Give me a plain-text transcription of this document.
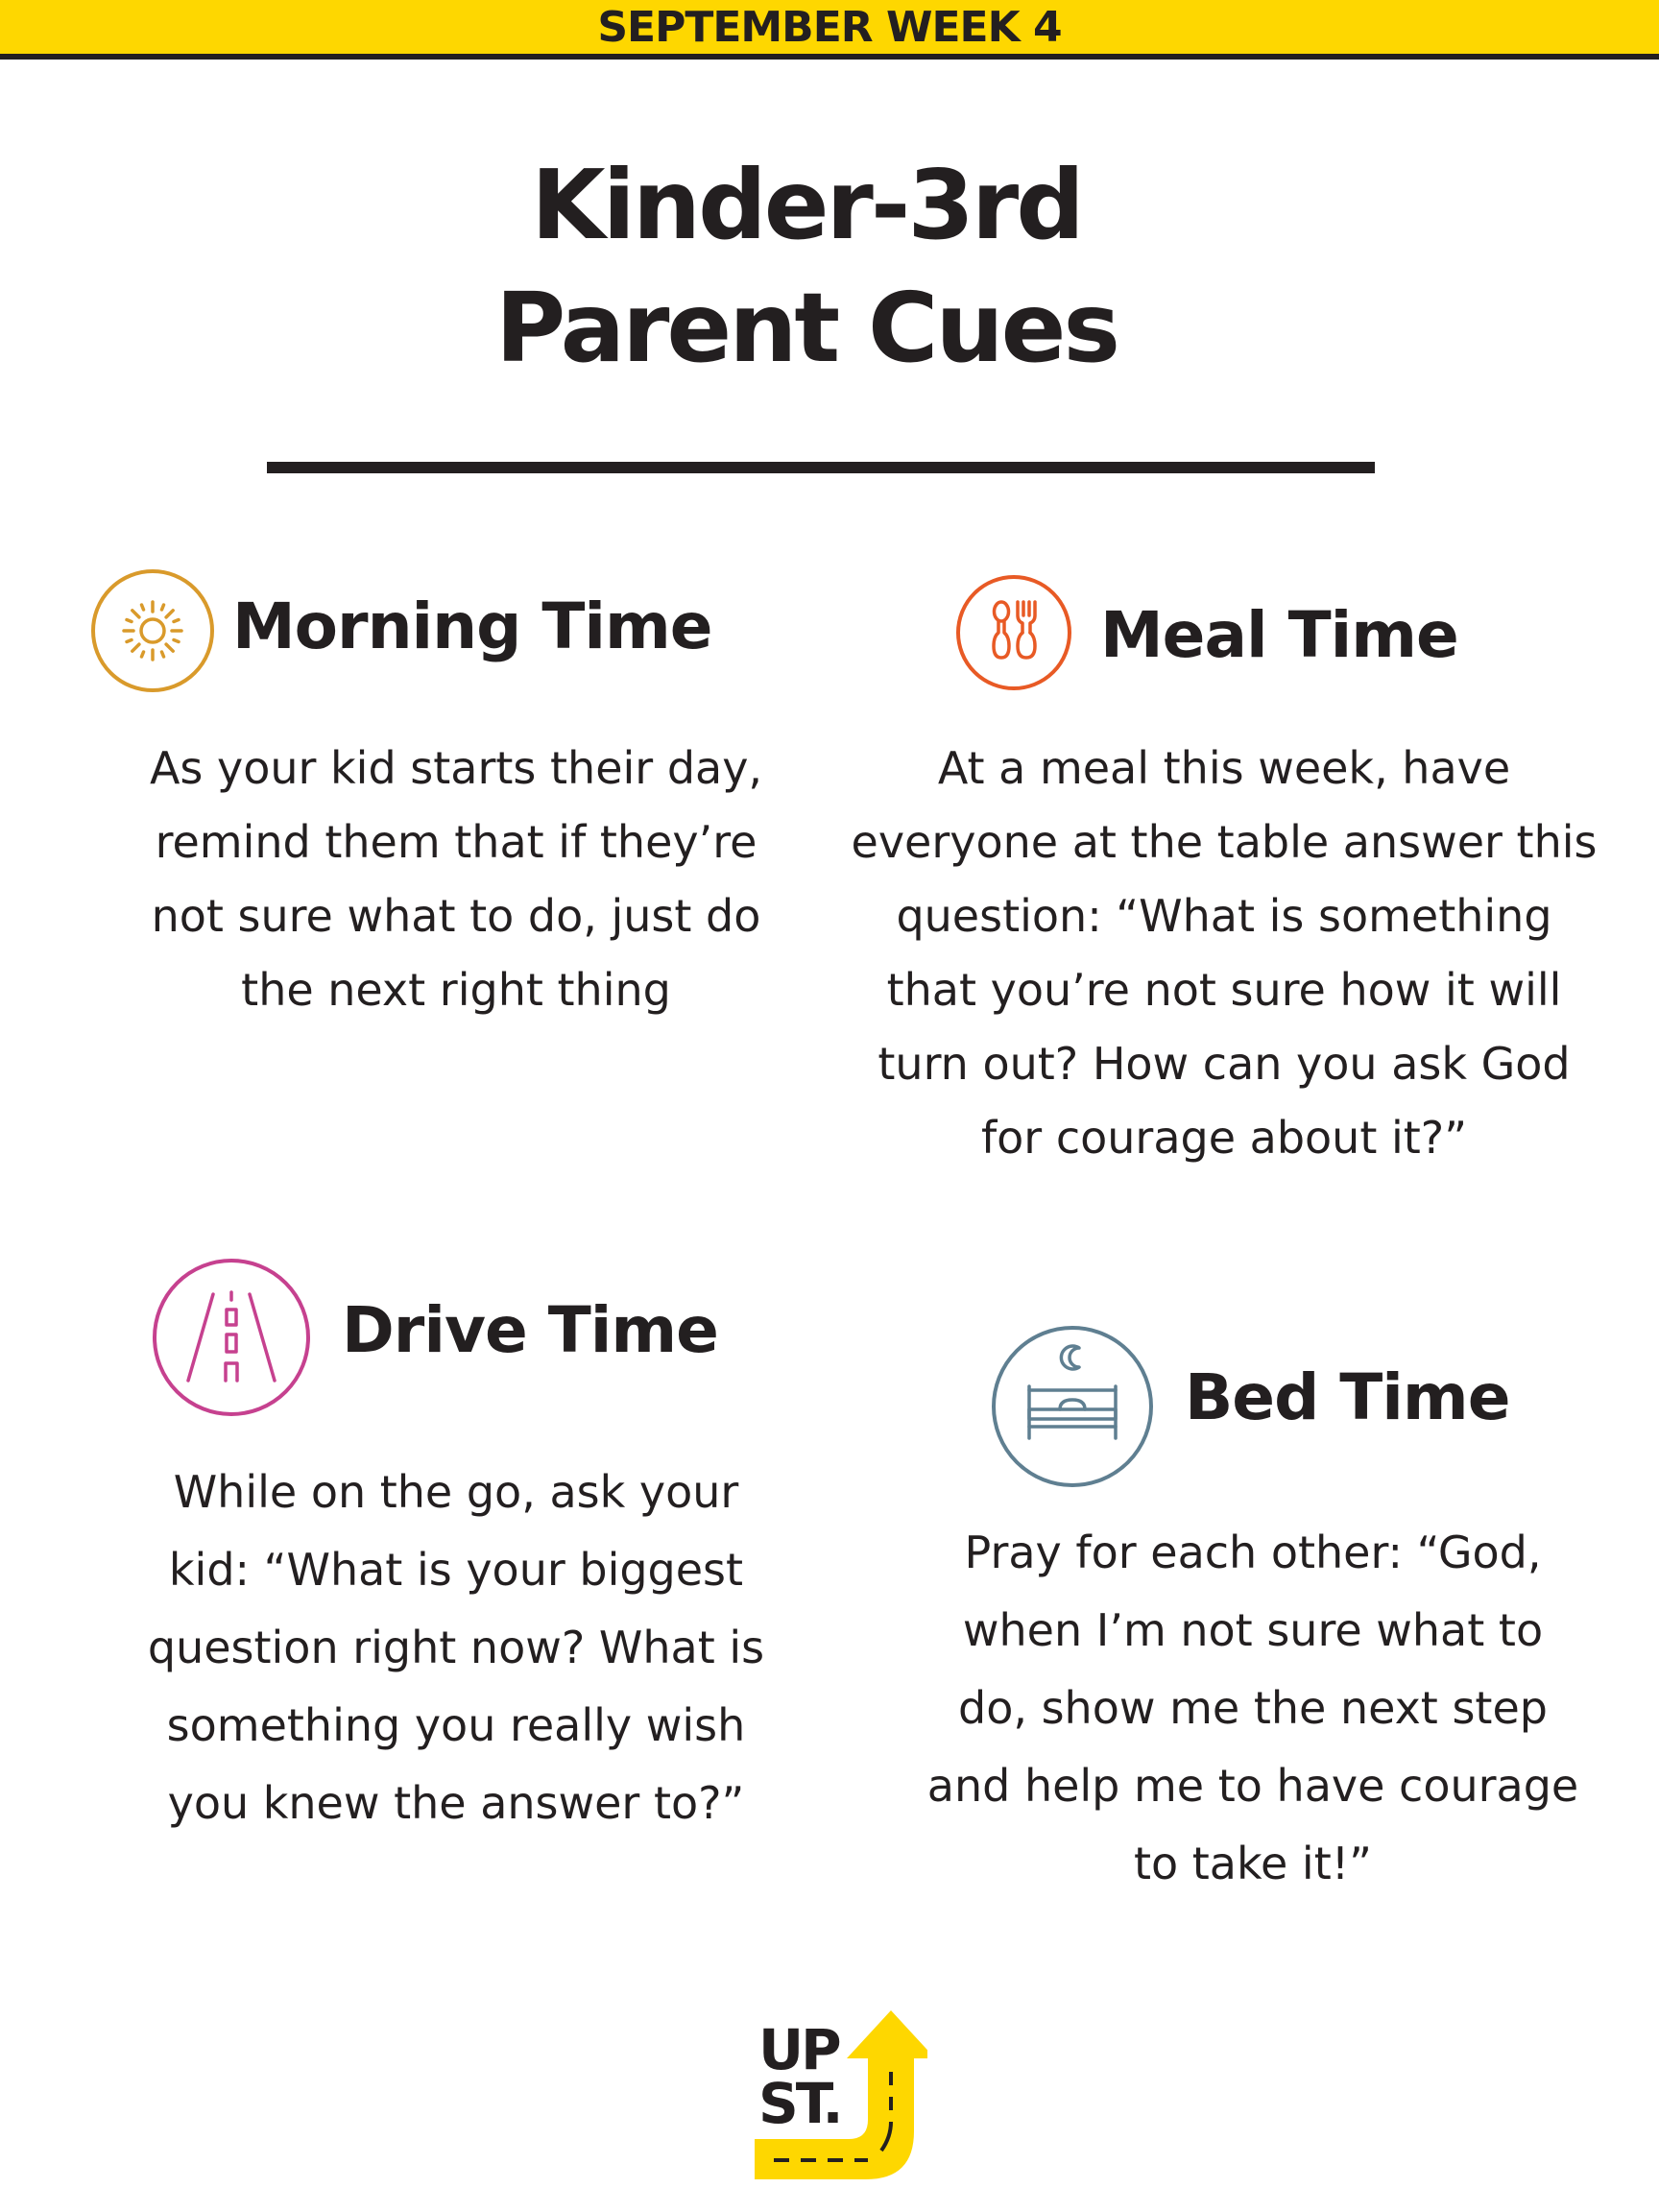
SEPTEMBER WEEK 4
Kinder-3rd
Parent Cues
Morning Time
As your kid starts their day,
remind them that if they’re
not sure what to do, just do
the next right thing
Meal Time
At a meal this week, have
everyone at the table answer this
question: “What is something
that you’re not sure how it will
turn out? How can you ask God
for courage about it?”
Drive Time
While on the go, ask your
kid: “What is your biggest
question right now? What is
something you really wish
you knew the answer to?”
Bed Time
Pray for each other: “God,
when I’m not sure what to
do, show me the next step
and help me to have courage
to take it!”
UP
ST.
